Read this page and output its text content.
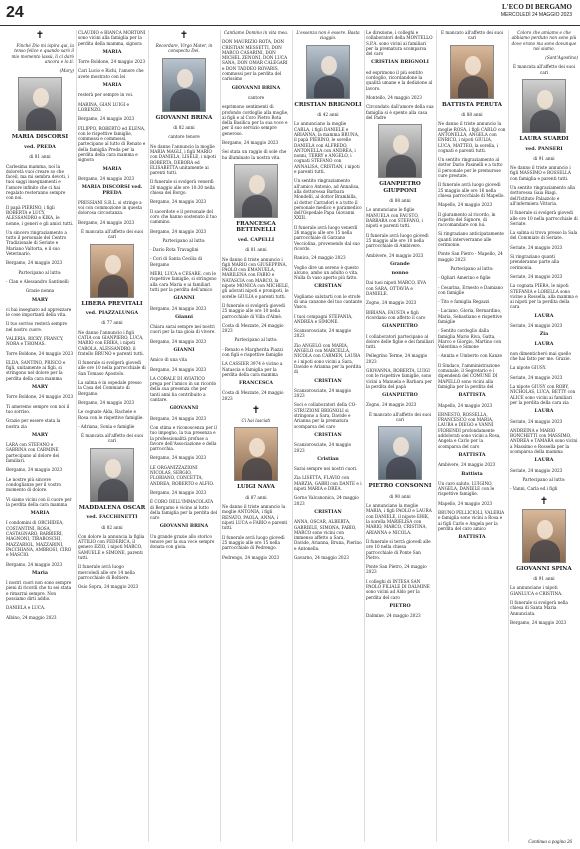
24	L'ECO DI BERGAMO
MERCOLEDÌ 24 MAGGIO 2023
✝
Finché Dio mi ispira qui, la tenso felice e quando sarò il mio momento lassù, li ci darò ancora e lo.ti.
(Mary)
MARIA DISCORSI
ved. PREDA
di 81 anni
Carlesima mamma, noi la doloretà vuoi creare so che faceil, ma mi sembra devoti, i tuoi saggi insegnamenti e l'amore infinito che ci hai regalato resteranno sempre con noi.
Il papà PIERINO, i figli ROBERTA e LUCY, ALESSANDRO e KIKA, le nonne, i generi e gli amici tutti.
Un sincero ringraziamento a tutto il personale del Centro Tradizionale di Seriate e Mariano Valtorta, e il suo Veterinario.
Bergamo, 24 maggio 2023
Partecipano al lutto:
- Clan e Alessandro Santinelli
Grazie nonna
MARY
ci hai insegnato ad apprezzare le cose importanti della vita.
Il tuo sorriso resterà sempre nel nostro cuore.
VALERIA, RICKY, FRANCY, NORA e THOMAS.
Torre Boldone, 24 maggio 2023
ELDA, SANTINO, PRISCO e figli, unitamente ai figli, si stringono nel dolore per la perdita della cara mamma
MARY
Torre Boldone, 24 maggio 2023
Ti ameremo sempre con noi il tuo sorriso.
Grazie per essere stata la nostra zia
MARY
LARA con STEFANO e SABRINA con CARMINE partecipano al dolore dei familiari.
Bergamo, 24 maggio 2023
Le nostre più sincere condoglianze per il vostro momento di dolore.
Vi siamo vicini con il cuore per la perdita della cara mamma
MARIA
I condomini di ORCHIDEA, COSTANTINI, ROSA, CASTAGNARO, BARBIERI, MAGNONI, TIRABOSCHI, MAZZARIOL, MAZZARINI, PACCHIANA, AMBROSI, CIRO e MASCIO.
Bergamo, 24 maggio 2023
Maria
I nostri cuori non sono sempre pieni di ricordi che tu sei stata e rimarrai sempre. Non possiamo dirti addio.
DANIELA e LUCA.
Albino, 24 maggio 2023
CLAUDIO e BIANCA MORTONI sono vicini alla famiglia per la perdita della mamma, signora
MARIA
Torre Boldone, 24 maggio 2023
Cari Lucio e Richi, l'amore che avete mostrato con lei
MARIA
resterà per sempre in voi.
MARINA, GIAN LUIGI e LORENZO.
Bergamo, 24 maggio 2023
FILIPPO, ROBERTO ed ELENA, con le rispettive famiglie, commossi e commossi, partecipano al lutto di Renato e della famiglia Preda per la perdita della cara mamma e signora
MARIA
Bergamo, 24 maggio 2023
MARIA DISCORSI ved. PREDA
PRESSIANI S.R.L. si stringe a voi con commozione in questa dolorosa circostanza.
Bergamo, 24 maggio 2023
È mancata all'affetto dei suoi cari
LIBERA PREVITALI
ved. PIAZZALUNGA
di 77 anni
Ne danno l'annuncio i figli CATIA con GIANPIERO, LUCA, MARIO con ERIKA, i nipoti CAROLA, ALESSANDRO, il fratello BRUNO e parenti tutti.
Il funerale si svolgerà giovedì alle ore 10 nella parrocchiale di San Tomaso Apostolo.
La salma è in ospedale presso la Casa del Commiato di Bergamo.
Bergamo, 24 maggio 2023
Le cognate Alda, Rachele e Rosa con le rispettive famiglie.
- Adriana, Sonia e famiglie
È mancata all'affetto dei suoi cari
MADDALENA OSCAR
ved. FACCHINETTI
di 82 anni
Con dolore la annuncia la figlia ATTILIO con FEDERICA, il genero EZIO, i nipoti MARCO, SAMUELE e SIMONE, parenti tutti.
Il funerale avrà luogo mercoledì alle ore 14 nella parrocchiale di Boltiere.
Osio Sopra, 24 maggio 2023
✝
Recordare, Virgo Mater, in conspectu Dei.
GIOVANNI BRINA
di 82 anni
cantore tenore
Ne danno l'annuncio la moglie MARIA MAGLI, i figli MARIO con DANIELA, LISELE, i nipoti ROBERTA, DEBORA ed ELISABETTA unitamente ai parenti tutti.
Il funerale si svolgerà venerdì 26 maggio alle ore 10:30 nella chiesa del Borgo.
Bergamo, 24 maggio 2023
Il sacerdote e il personale del coro che hanno sostenuto il tuo cammino.
Bergamo, 24 maggio 2023
Partecipano al lutto:
- Dario Rota Travaglini
- Cori di Santa Cecilia di Bergamo
MERI, LUCA e CESARE, con le rispettive famiglie, si stringono alla cara Maria e ai familiari tutti per la perdita dell'amico
GIANNI
Bergamo, 24 maggio 2023
Gianni
Chiara sarai sempre nei nostri cuori per la tua gioia di vivere.
Bergamo, 24 maggio 2023
GIANNI
Amico di una vita
Bergamo, 24 maggio 2023
LA CORALE DI AVIATICO prega per l'amico in un ricordo della sua presenza che per tanti anni ha contribuito a cantare.
GIOVANNI
Bergamo, 24 maggio 2023
Con stima e riconoscenza per il tuo impegno, la tua presenza e la professionalità profuse a favore dell'Associazione e della parrocchia.
Bergamo, 24 maggio 2023
LE ORGANIZZAZIONI NICOLAS, SERGIO, FLORIANO, CONCETTA, ANDREA, ROBERTO e ALFIO.
Bergamo, 24 maggio 2023
È CORO DELL'IMMACOLATA di Bergamo è vicino al lutto della famiglia per la perdita del caro
GIOVANNI BRINA
Un grande grazie allo storico tenore per la sua voce sempre donata con gioia.
Cantiamo Domino in vita mea.
DON MAURIZIO ROTA, DON CRISTIAN MESSETTI, DON MARCO CASARINI, DON MICHEL ZENONI, DON LUCA SANA, DON OMAR CALEGARI e DON TADDEO ROVARIS, commossi per la perdita del carissimo
GIOVANNI BRINA
cantore
esprimono sentimenti di profondo cordoglio alla moglie, ai figli e al Coro Pietro Rota della Basilica per la sua voce e per il suo servizio sempre generoso.
Bergamo, 24 maggio 2023
Sei stata un raggio di sole che ha illuminato la nostra vita.
FRANCESCA BETTINELLI
ved. CAPELLI
di 81 anni
Ne danno il triste annuncio i figli MARIO con GIUSEPPINA, PAOLO con EMANUELA, MARILENA con FABIO e NATASCIA con MARCO, la nipote MONICA con MICHELE, gli adorati nipoti e pronipoti, le sorelle GIULIA e parenti tutti.
Il funerale si svolgerà giovedì 25 maggio alle ore 10 nella parrocchiale di Villa d'Almè.
Costa di Mezzate, 24 maggio 2023
Partecipano al lutto:
- Renato e Margherita Piazzi con figli e rispettive famiglie
LA CASSIER 3974 è vicino a Natascia e famiglia per la perdita della cara mamma
FRANCESCA
Costa di Mezzate, 24 maggio 2023
✝
Ci hai lasciati
LUIGI NAVA
di 87 anni
Ne danno il triste annuncio la moglie ANTONIA, i figli RENATO, PAOLA, ANNA, i nipoti LUCA e FABIO e parenti tutti.
Il funerale avrà luogo giovedì 25 maggio alle ore 15 nella parrocchiale di Pedrengo.
Pedrengo, 24 maggio 2023
L'essenza non è essere. Basta viaggio.
CRISTIAN BRIGNOLI
di 42 anni
Lo annunciano la moglie CARLA, i figli DANIELE e ARIANNA, la mamma BRUNA, il papà PIERINO, le sorelle DANIELA con ALFREDO, ANTONELLA con ANDREA, i nonni, TERRY e ANGELO, i cognati STEFANO con ANNALISA, CRISTIAN, i nipoti e parenti tutti.
Un sentito ringraziamento all'amico Antonio, ad Annalisa, alla dottoressa Barbara Mondelli, al dottor Brambilla, al dottor Carradori e a tutto il personale medico e paramedico dell'Ospedale Papa Giovanni XXIII.
Il funerale avrà luogo venerdì 26 maggio alle ore 15 nella parrocchiale di Garzano Vecciolina, provenendo dal suo ricordo.
Ranica, 24 maggio 2023
Voglio dire un sereno è questo alcuno, ambo un adulto o vita. Nulla fa vaso aperto più fatto.
CRISTIAN
Vogliamo salutarti con le strofe di una canzone del tuo cantante Vasco.
I tuoi compagni STEFANIA, ANDREA e SIMONE.
Scanzorosciate, 24 maggio 2023
Zio ANGELO con MARIA, ANGELO con MARCELLA, NICOLA con CARMEN, LAURA e i nipoti sono vicini a Sara, Davide e Arianna per la perdita di
CRISTIAN
Scanzorosciate, 24 maggio 2023
Soci e collaboratori della CO-STRUZIONI BRIGNOLI si stringono a Sara, Davide e Arianna per la prematura scomparsa del caro
CRISTIAN
Scanzorosciate, 24 maggio 2023
Cristian
Sarai sempre nei nostri cuori.
Zia LISETTA, FLAVIO con MARZIA, GABRI con DANTE e i nipoti MARIA e DREA.
Gorno Valcanonica, 24 maggio 2023
CRISTIAN
ANNA, OSCAR, ALBERTA, GABRIELE, SIMONA, FABIO, MARCO sono vicini con immenso affetto a Sara, Davide, Arianna, Bruna, Pierino e Antonella.
Gavarno, 24 maggio 2023
Le direzione, i colleghi e collaboratori della MONTELLO S.P.A. sono vicini ai familiari per la prematura scomparsa del caro
CRISTIAN BRIGNOLI
ed esprimono il più sentito cordoglio, ricordandone la qualità umane e la dedizione al lavoro.
Montello, 24 maggio 2023
Circondato dall'amore della sua famiglia si è spento alla casa del Padre
GIANPIETRO GIUPPONI
di 88 anni
Lo annunciano le figlie MANUELA con FAUSTO, BARBARA con STEFANO, i nipoti e parenti tutti.
Il funerale avrà luogo giovedì 25 maggio alle ore 10 nella parrocchiale di Ambivere.
Ambivere, 24 maggio 2023
Grande
nonno
Dai tuoi nipoti MARCO, EVA con SARA, OTTAVIA e DANIELE.
Zogno, 24 maggio 2023
BIBIANA, FAUSTA e figli ricordano con affetto il caro
GIANPIETRO
I collaboratori partecipano al dolore delle figlie e dei familiari tutti.
Pellegrino Terme, 24 maggio 2023
GIOVANNA, ROBERTA, LUIGI con le rispettive famiglie, sono vicini a Manuela e Barbara per la perdita del papà
GIANPIETRO
Zogno, 24 maggio 2023
È mancato all'affetto dei suoi cari
PIETRO CONSONNI
di 90 anni
Lo annunciano la moglie MARIA, i figli PAOLO e LAURA con DANIELE, il nipote ERIK, la sorella MARIELISA con MARIO, MARCO, CRISTINA, ARIANNA e NICOLA.
Il funerale si terrà giovedì alle ore 10 nella chiesa parrocchiale di Ponte San Pietro.
Ponte San Pietro, 24 maggio 2023
I colleghi di INTESA SAN PAOLO FILIALE DI DALMINE sono vicini ad Aldo per la perdita del caro
PIETRO
Dalmine, 24 maggio 2023
È mancato all'affetto dei suoi cari
BATTISTA PERUTA
di 88 anni
Ne danno il triste annuncio la moglie ROSA, i figli CARLO con ANTONELLA, ANGELA con ENRICO, i nipoti GIULIA, LUCA, MATTEO, la sorella, i cognati e parenti tutti.
Un sentito ringraziamento al dottor Dario Pasinelli e a tutto il personale per le premurose cure prestate.
Il funerale avrà luogo giovedì 25 maggio alle ore 16 nella chiesa parrocchiale di Mapello.
Mapello, 24 maggio 2023
Il giuramento al ricordo, in rispetto del Signore, di raccomandare con lui.
Si ringraziano anticipatamente quanti interverranno alle cerimonie.
Ponte San Pietro - Mapello, 24 maggio 2023
Partecipano al lutto:
- Ogliari Amerino e figlie
- Cesarina, Ernesto e Damiano con famiglie
- Tito e famiglia Regazzi
- Luciano, Gloria, Bernardino, Maria, Sebastiano e rispettive famiglie
- Sentito cordoglio dalla famiglia Mario Riva, Gatta, Marco e Giorgio, Martino con Valentina e Simone
- Annita e Umberto con Kanze
Il Sindaco, l'amministrazione comunale, il Segretario e i dipendenti del COMUNE DI MAPELLO sono vicini alla famiglia per la perdita del
BATTISTA
Mapello, 24 maggio 2023
ERNESTO, ROSSELLA, FRANCESCO con MARIA, LAURA e DIEGO e VANNI FIORENDI profondamente addolorati sono vicini a Rosa, Angela e Carlo per la scomparsa del caro
BATTISTA
Ambivere, 24 maggio 2023
Battista
Un caro saluto. LUIGINO, ANGELA, DANIELE con le rispettive famiglie.
Mapello, 24 maggio 2023
BRUNO PELLICIOLI, VALERIA e famiglia sono vicini a Rosa e ai figli Carlo e Angela per la perdita del caro amico
BATTISTA
Coloro che amiamo e che abbiamo perduto non sono più dove erano ma sono dovunque noi siamo.
(Sant'Agostino)
È mancata all'affetto dei suoi cari
LAURA SUARDI
ved. PANSERI
di 91 anni
Ne danno il triste annuncio i figli MASSIMO e ROSSELLA con famiglia e parenti tutti.
Un sentito ringraziamento alla dottoressa Gaia Biagi, dell'Istituto Palazzolo e all'infermiera Vittoria.
Il funerale si svolgerà giovedì alle ore 10 nella parrocchiale di Seriate.
La salma si trova presso la Sala del Commiato di Seriate.
Seriate, 24 maggio 2023
Si ringraziano quanti prenderanno parte alla cerimonia.
Seriate, 24 maggio 2023
La cognata PIERA, le nipoti STEFANIA e LORELLA sono vicine a Rossella, alla mamma e ai nipoti per la perdita della cara
LAURA
Seriate, 24 maggio 2023
Zia
LAURA
non dimenticherò mai quello che hai fatto per me. Grazie.
La nipote GIUSY.
Seriate, 24 maggio 2023
La nipote GIUSY con ROBY, NICHOLAS, LUCA, BETTY con ALICE sono vicini ai familiari per la perdita della cara zia
LAURA
Seriate, 24 maggio 2023
ANDREINA e MARIO BONCHETTI con MASSIMO, ANDREA e TAMARA sono vicini a Massimo e Rossella per la scomparsa della mamma
LAURA
Seriate, 24 maggio 2023
Partecipano al lutto:
- Vanni, Carla ed i figli
✝
GIOVANNI SPINA
di 91 anni
Lo annunciano i nipoti GIANLUCA e CRISTINA.
Il funerale si svolgerà nella chiesa di Santa Maria Annunciata.
Bergamo, 24 maggio 2023
Continua a pagina 26
